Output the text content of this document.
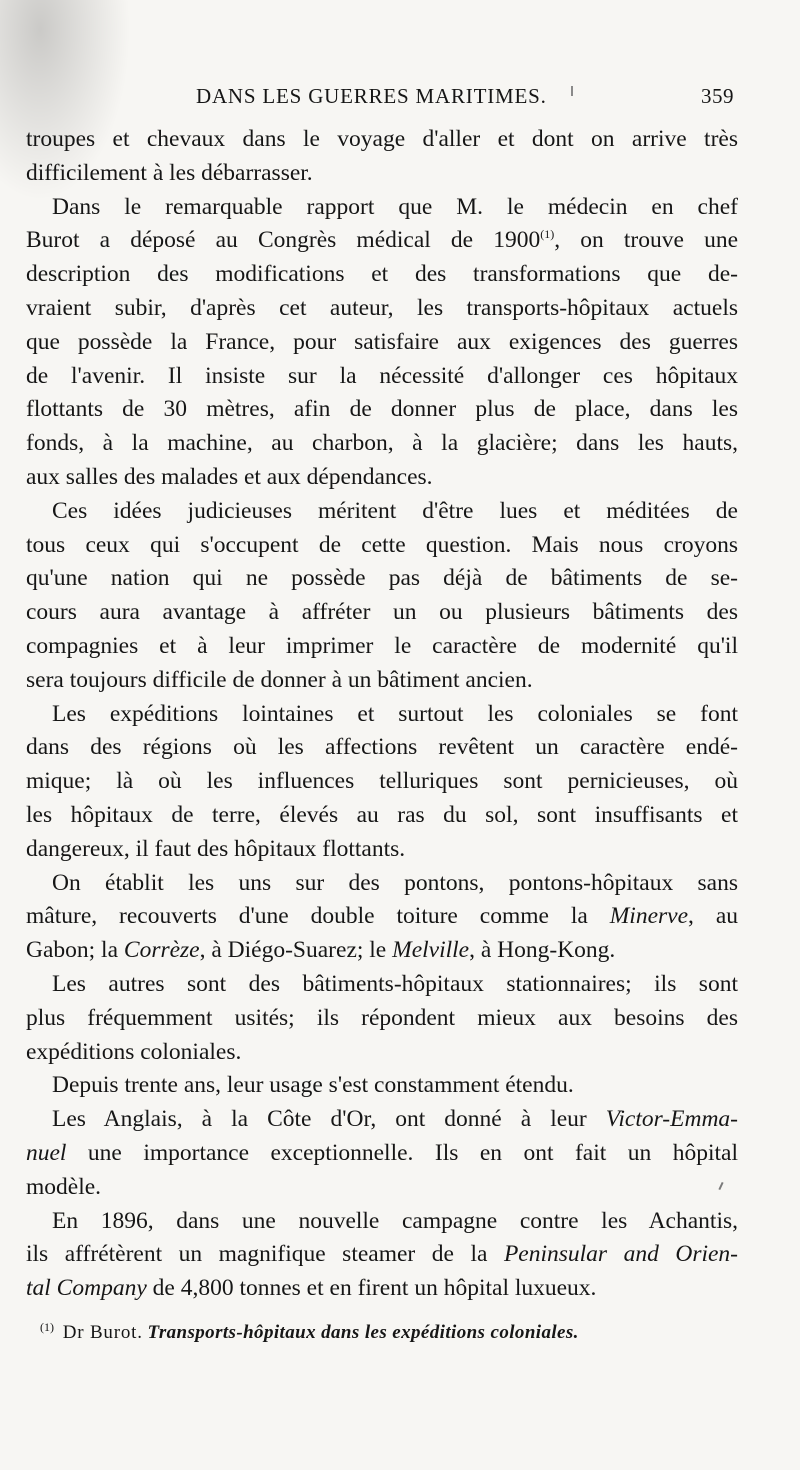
DANS LES GUERRES MARITIMES.	359
troupes et chevaux dans le voyage d'aller et dont on arrive très
difficilement à les débarrasser.
Dans le remarquable rapport que M. le médecin en chef
Burot a déposé au Congrès médical de 1900$^{(1)}$, on trouve une
description des modifications et des transformations que de-
vraient subir, d'après cet auteur, les transports-hôpitaux actuels
que possède la France, pour satisfaire aux exigences des guerres
de l'avenir. Il insiste sur la nécessité d'allonger ces hôpitaux
flottants de 30 mètres, afin de donner plus de place, dans les
fonds, à la machine, au charbon, à la glacière; dans les hauts,
aux salles des malades et aux dépendances.
Ces idées judicieuses méritent d'être lues et méditées de
tous ceux qui s'occupent de cette question. Mais nous croyons
qu'une nation qui ne possède pas déjà de bâtiments de se-
cours aura avantage à affréter un ou plusieurs bâtiments des
compagnies et à leur imprimer le caractère de modernité qu'il
sera toujours difficile de donner à un bâtiment ancien.
Les expéditions lointaines et surtout les coloniales se font
dans des régions où les affections revêtent un caractère endé-
mique; là où les influences telluriques sont pernicieuses, où
les hôpitaux de terre, élevés au ras du sol, sont insuffisants et
dangereux, il faut des hôpitaux flottants.
On établit les uns sur des pontons, pontons-hôpitaux sans
mâture, recouverts d'une double toiture comme la Minerve, au
Gabon; la Corrèze, à Diégo-Suarez; le Melville, à Hong-Kong.
Les autres sont des bâtiments-hôpitaux stationnaires; ils sont
plus fréquemment usités; ils répondent mieux aux besoins des
expéditions coloniales.
Depuis trente ans, leur usage s'est constamment étendu.
Les Anglais, à la Côte d'Or, ont donné à leur Victor-Emma-
nuel une importance exceptionnelle. Ils en ont fait un hôpital
modèle.
En 1896, dans une nouvelle campagne contre les Achantis,
ils affrétèrent un magnifique steamer de la Peninsular and Orien-
tal Company de 4,800 tonnes et en firent un hôpital luxueux.
$^{(1)}$ Dr Burot. Transports-hôpitaux dans les expéditions coloniales.
